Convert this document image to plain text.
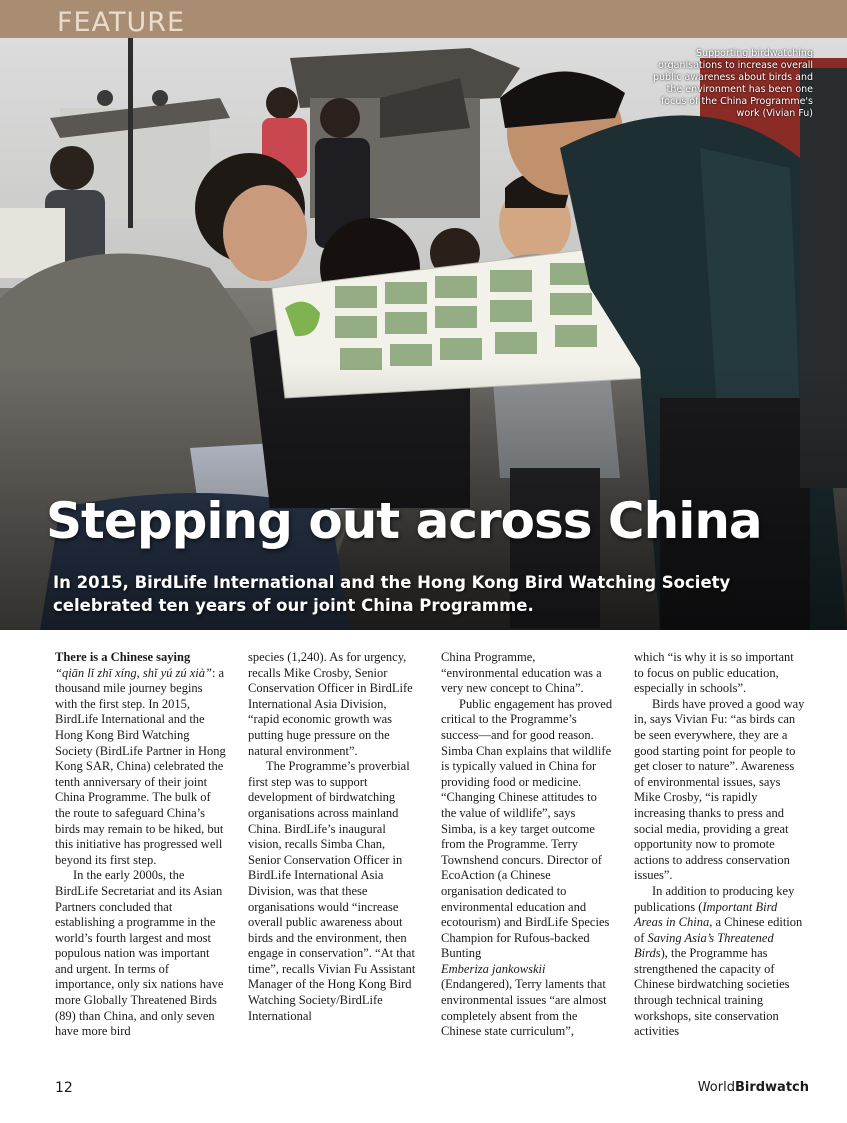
FEATURE
Supporting birdwatching organisations to increase overall public awareness about birds and the environment has been one focus of the China Programme's work (Vivian Fu)
Stepping out across China
In 2015, BirdLife International and the Hong Kong Bird Watching Society celebrated ten years of our joint China Programme.

There is a Chinese saying
“qiān lǐ zhī xíng, shǐ yú zú xià”: a thousand mile journey begins with the first step. In 2015, BirdLife International and the Hong Kong Bird Watching Society (BirdLife Partner in Hong Kong SAR, China) celebrated the tenth anniversary of their joint China Programme. The bulk of the route to safeguard China’s birds may remain to be hiked, but this initiative has progressed well beyond its first step.

In the early 2000s, the BirdLife Secretariat and its Asian Partners concluded that establishing a programme in the world’s fourth largest and most populous nation was important and urgent. In terms of importance, only six nations have more Globally Threatened Birds (89) than China, and only seven have more bird

species (1,240). As for urgency, recalls Mike Crosby, Senior Conservation Officer in BirdLife International Asia Division, “rapid economic growth was putting huge pressure on the natural environment”.

The Programme’s proverbial first step was to support development of birdwatching organisations across mainland China. BirdLife’s inaugural vision, recalls Simba Chan, Senior Conservation Officer in BirdLife International Asia Division, was that these organisations would “increase overall public awareness about birds and the environment, then engage in conservation”. “At that time”, recalls Vivian Fu Assistant Manager of the Hong Kong Bird Watching Society/BirdLife International

China Programme, “environmental education was a very new concept to China”.

Public engagement has proved critical to the Programme’s success—and for good reason. Simba Chan explains that wildlife is typically valued in China for providing food or medicine. “Changing Chinese attitudes to the value of wildlife”, says Simba, is a key target outcome from the Programme. Terry Townshend concurs. Director of EcoAction (a Chinese organisation dedicated to environmental education and ecotourism) and BirdLife Species Champion for Rufous-backed Bunting
Emberiza jankowskii
(Endangered), Terry laments that environmental issues “are almost completely absent from the Chinese state curriculum”,

which “is why it is so important to focus on public education, especially in schools”.

Birds have proved a good way in, says Vivian Fu: “as birds can be seen everywhere, they are a good starting point for people to get closer to nature”. Awareness of environmental issues, says Mike Crosby, “is rapidly increasing thanks to press and social media, providing a great opportunity now to promote actions to address conservation issues”.

In addition to producing key publications (Important Bird Areas in China, a Chinese edition of Saving Asia’s Threatened Birds), the Programme has strengthened the capacity of Chinese birdwatching societies through technical training workshops, site conservation activities

12	WorldBirdwatch
